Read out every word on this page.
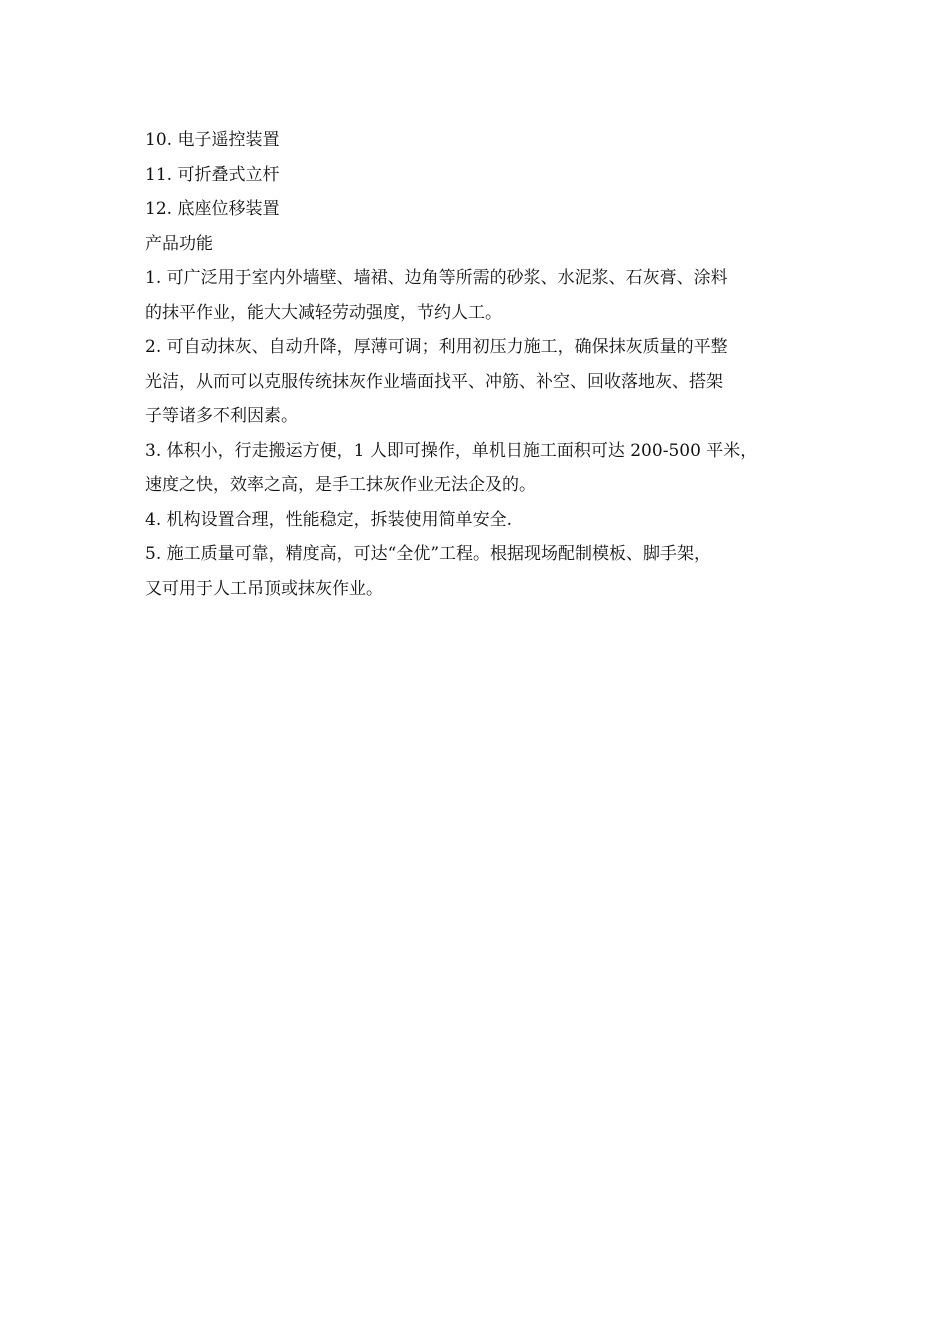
10. 电子遥控装置
11. 可折叠式立杆
12. 底座位移装置
产品功能
1. 可广泛用于室内外墙壁、墙裙、边角等所需的砂浆、水泥浆、石灰膏、涂料
的抹平作业，能大大减轻劳动强度，节约人工。
2. 可自动抹灰、自动升降，厚薄可调；利用初压力施工，确保抹灰质量的平整
光洁，从而可以克服传统抹灰作业墙面找平、冲筋、补空、回收落地灰、搭架
子等诸多不利因素。
3. 体积小，行走搬运方便，1 人即可操作，单机日施工面积可达 200-500 平米，
速度之快，效率之高，是手工抹灰作业无法企及的。
4. 机构设置合理，性能稳定，拆装使用简单安全.
5. 施工质量可靠，精度高，可达“全优”工程。根据现场配制模板、脚手架，
又可用于人工吊顶或抹灰作业。
